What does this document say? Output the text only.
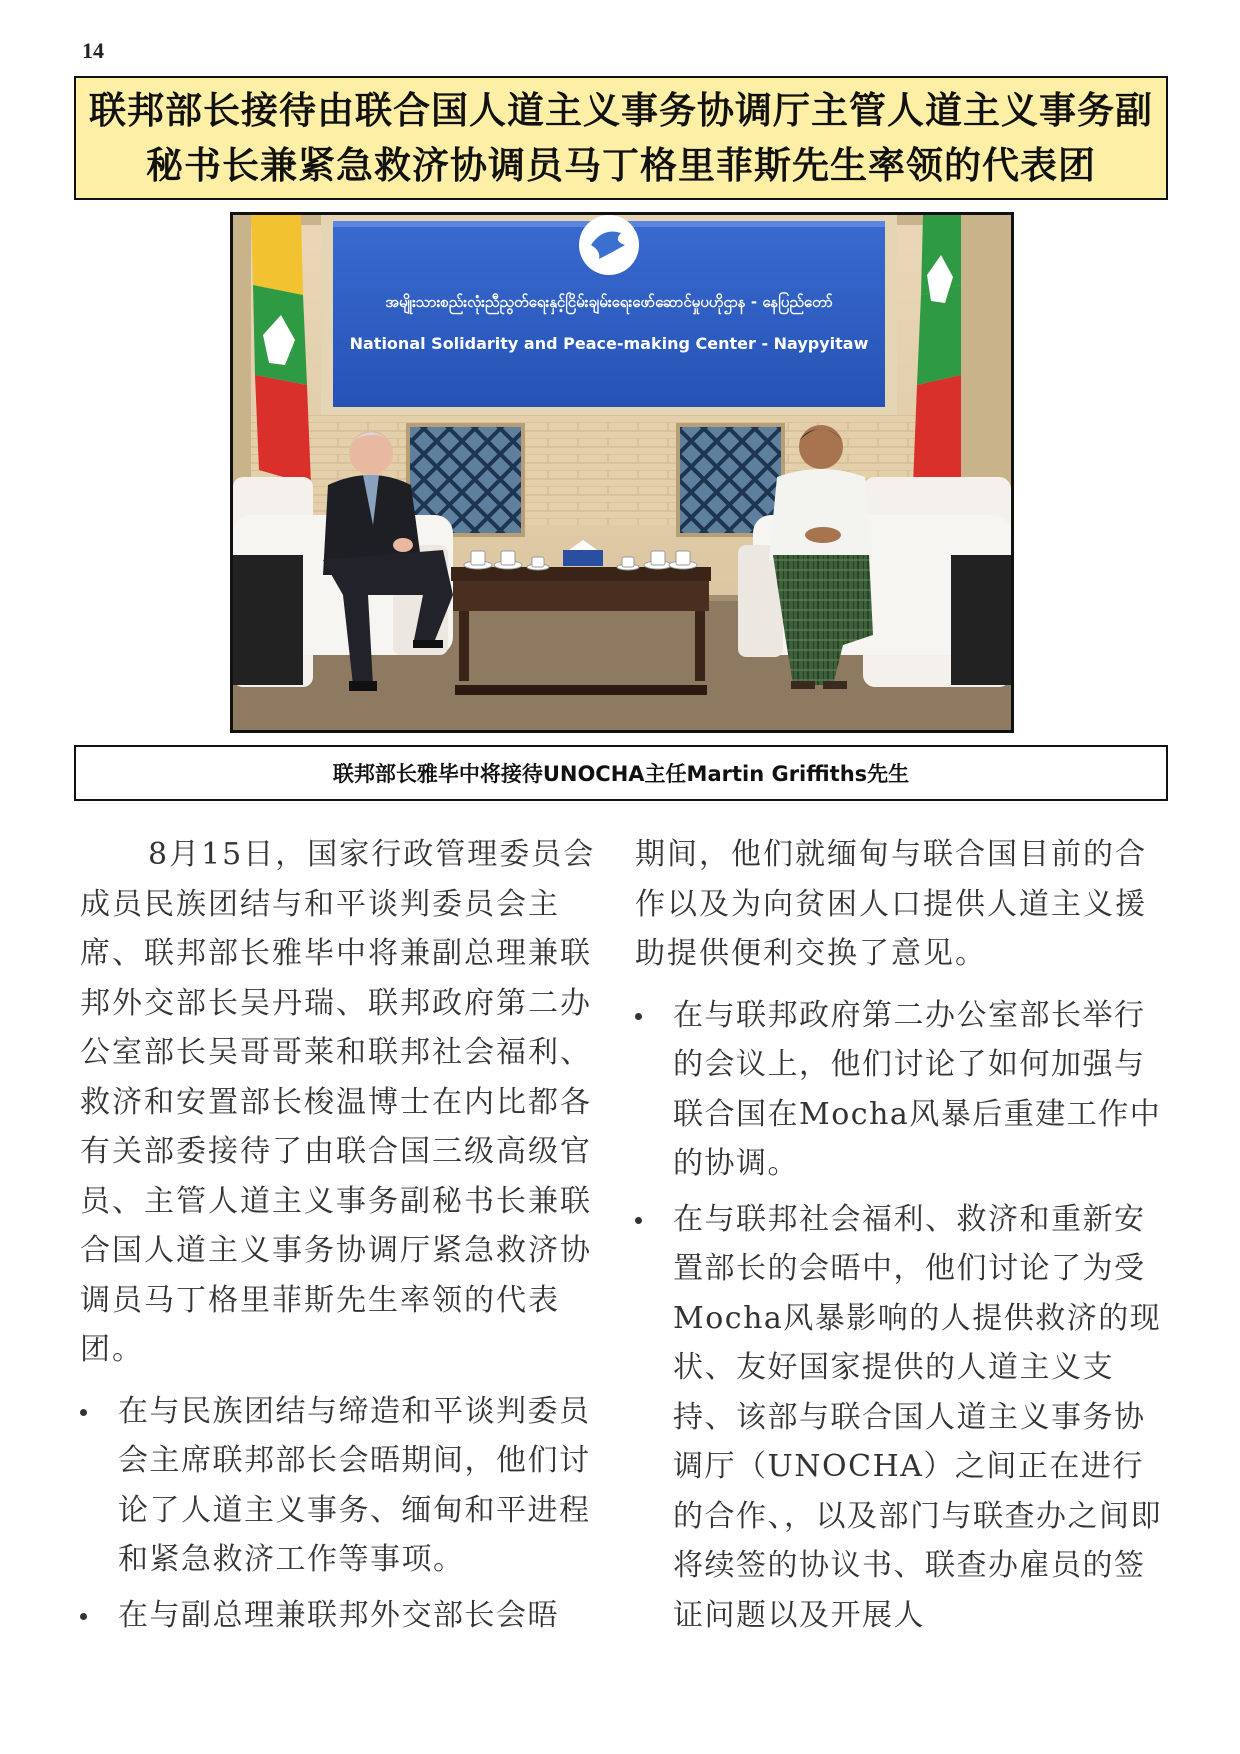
14
联邦部长接待由联合国人道主义事务协调厅主管人道主义事务副
秘书长兼紧急救济协调员马丁格里菲斯先生率领的代表团
အမျိုးသားစည်းလုံးညီညွတ်ရေးနှင့်ငြိမ်းချမ်းရေးဖော်ဆောင်မှုပဟိုဌာန - နေပြည်တော်
National Solidarity and Peace-making Center - Naypyitaw
联邦部长雅毕中将接待UNOCHA主任Martin Griffiths先生

8月15日，国家行政管理委员会成员民族团结与和平谈判委员会主席、联邦部长雅毕中将兼副总理兼联邦外交部长吴丹瑞、联邦政府第二办公室部长吴哥哥莱和联邦社会福利、救济和安置部长梭温博士在内比都各有关部委接待了由联合国三级高级官员、主管人道主义事务副秘书长兼联合国人道主义事务协调厅紧急救济协调员马丁格里菲斯先生率领的代表团。

在与民族团结与缔造和平谈判委员会主席联邦部长会晤期间，他们讨论了人道主义事务、缅甸和平进程和紧急救济工作等事项。
在与副总理兼联邦外交部长会晤

期间，他们就缅甸与联合国目前的合作以及为向贫困人口提供人道主义援助提供便利交换了意见。

在与联邦政府第二办公室部长举行的会议上，他们讨论了如何加强与联合国在Mocha风暴后重建工作中的协调。
在与联邦社会福利、救济和重新安置部长的会晤中，他们讨论了为受Mocha风暴影响的人提供救济的现状、友好国家提供的人道主义支持、该部与联合国人道主义事务协调厅（UNOCHA）之间正在进行的合作、，以及部门与联查办之间即将续签的协议书、联查办雇员的签证问题以及开展人
